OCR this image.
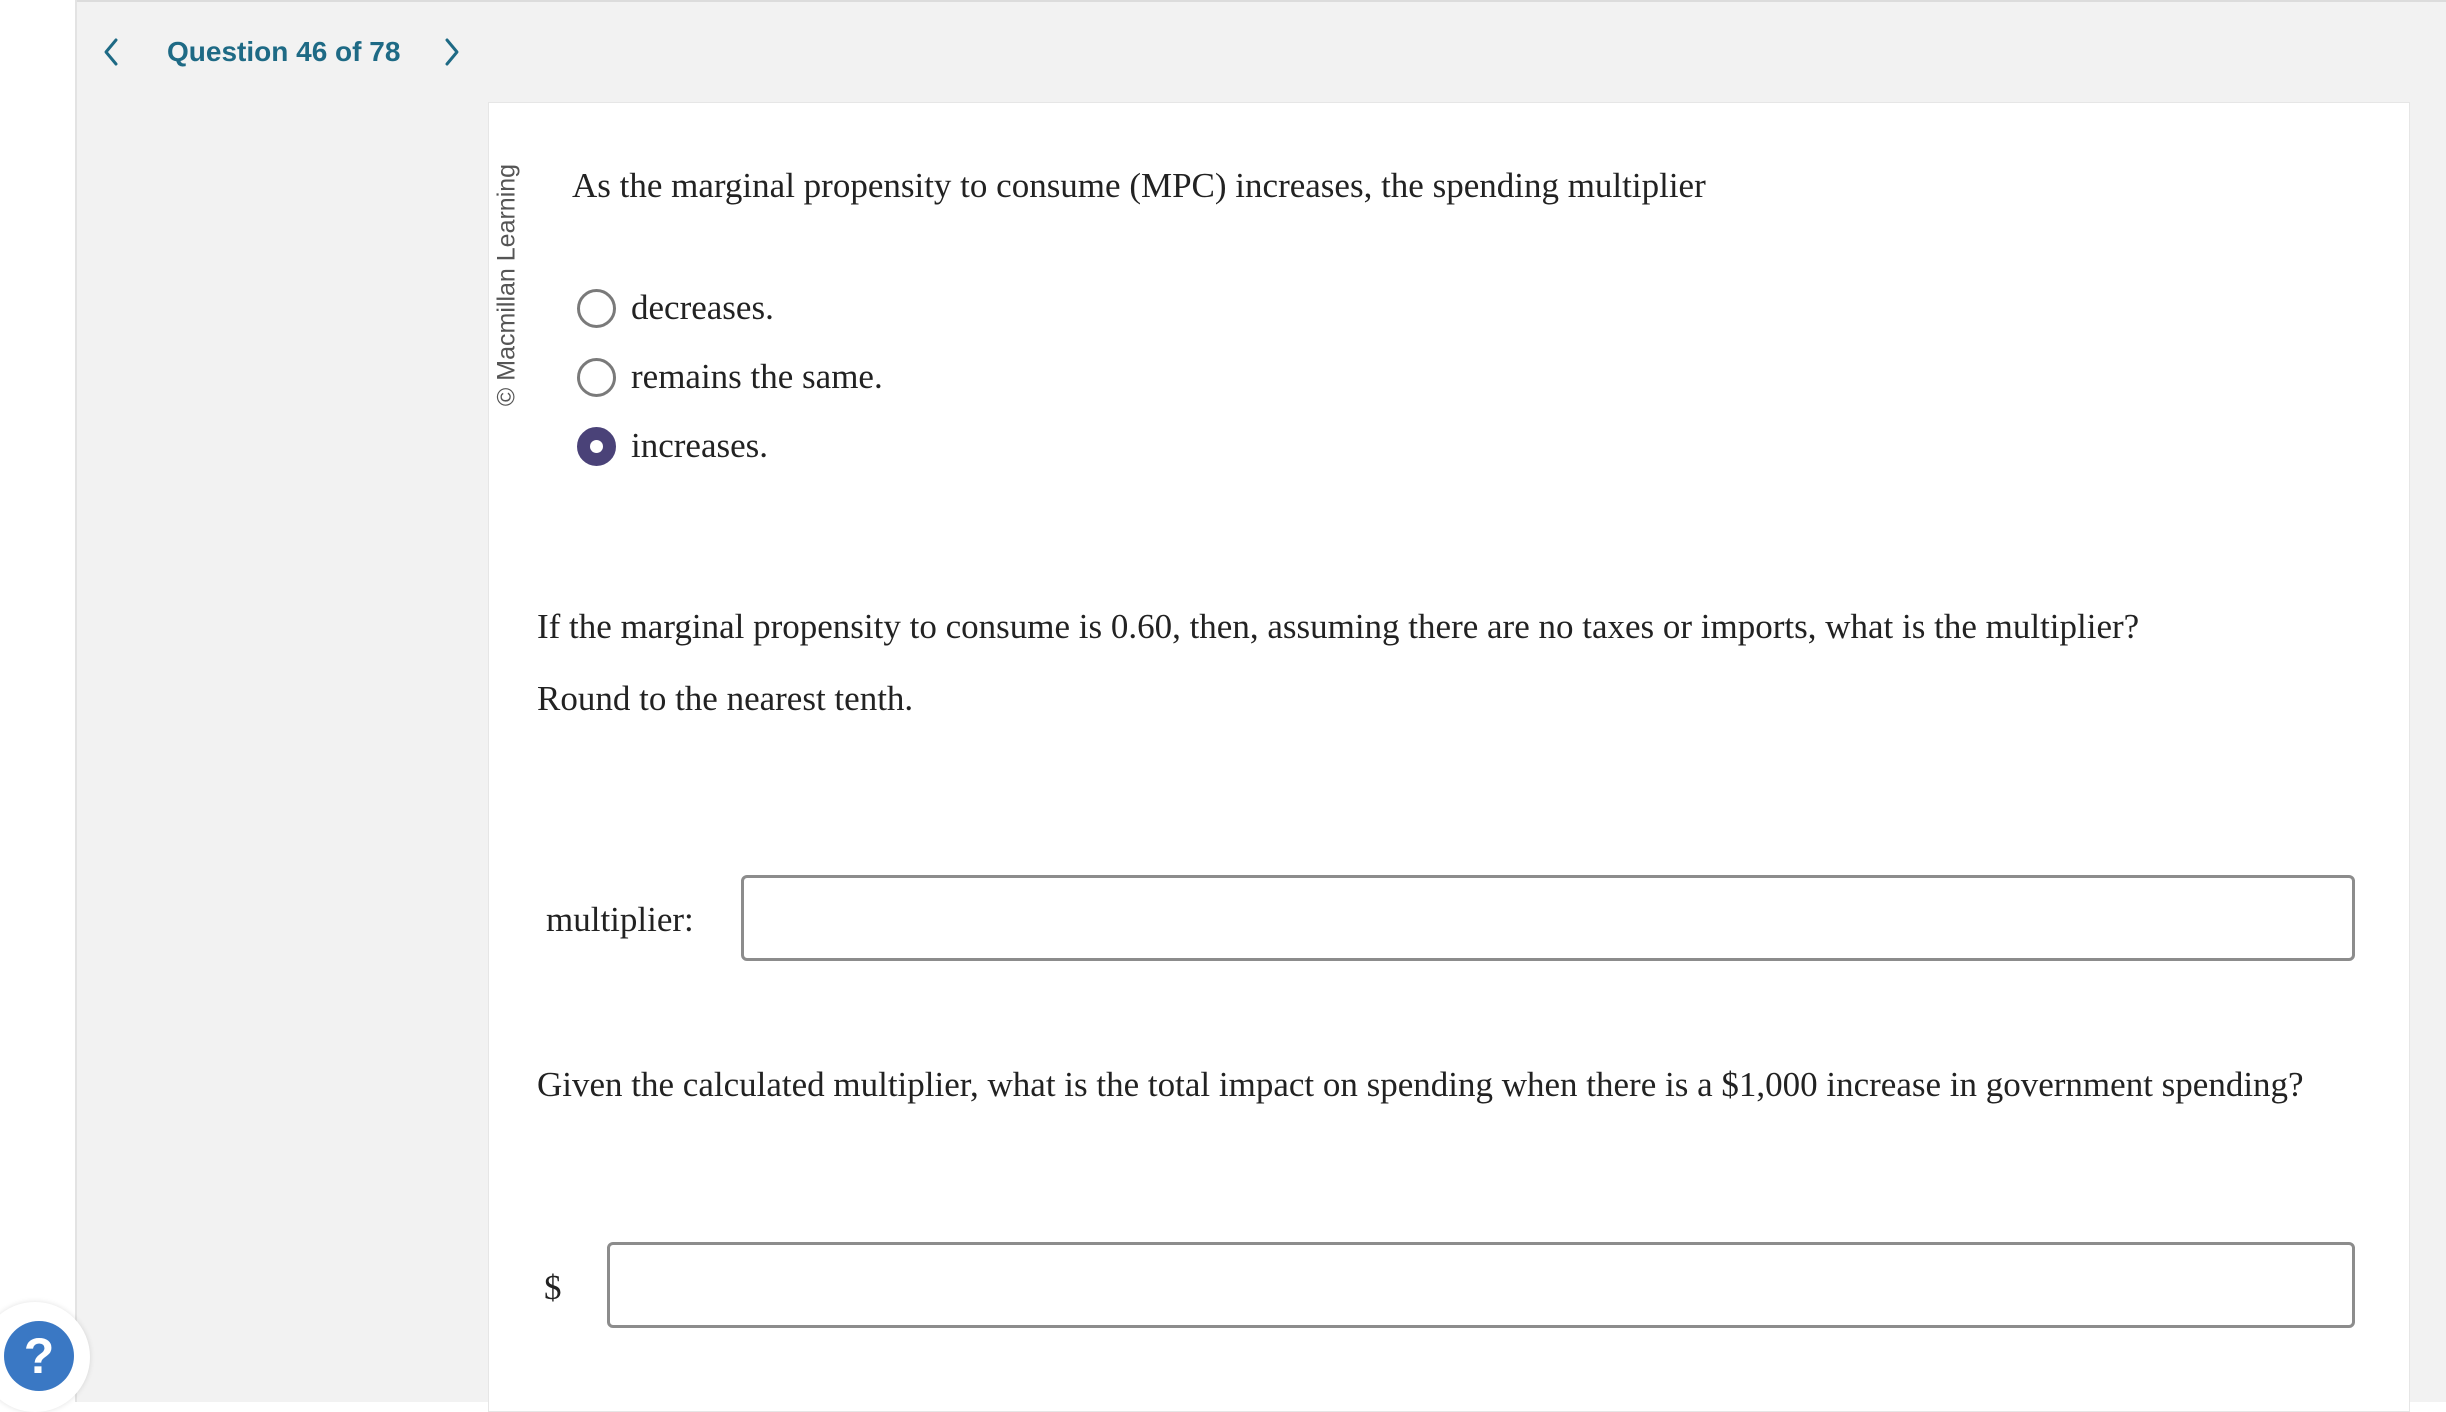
Question 46 of 78
© Macmillan Learning As the marginal propensity to consume (MPC) increases, the spending multiplier
decreases.
remains the same.
increases.
If the marginal propensity to consume is 0.60, then, assuming there are no taxes or imports, what is the multiplier?
Round to the nearest tenth.
multiplier:
Given the calculated multiplier, what is the total impact on spending when there is a $1,000 increase in government spending?
$
?
